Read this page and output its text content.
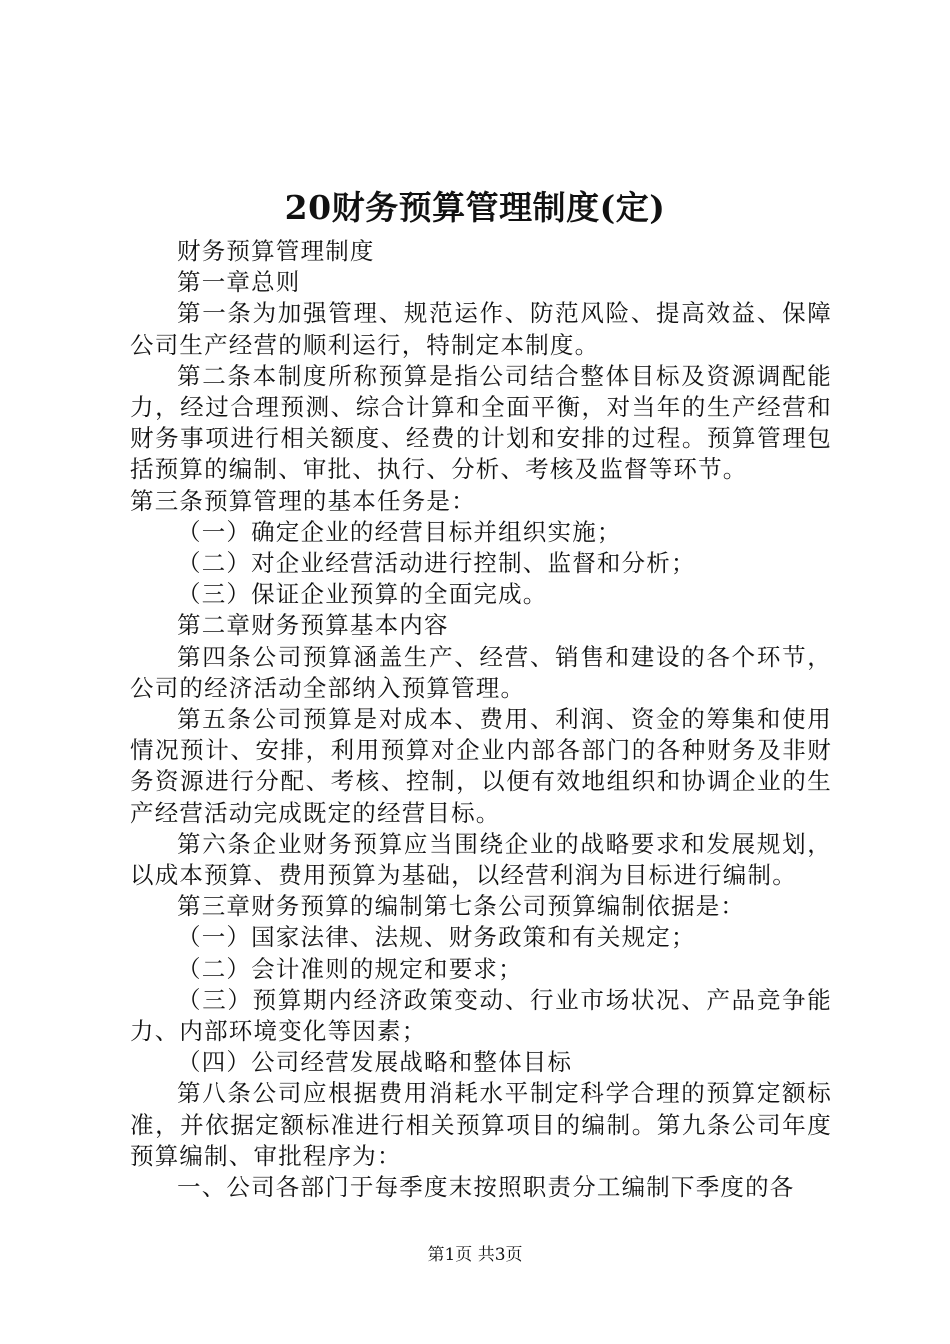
20财务预算管理制度(定)

财务预算管理制度

第一章总则

第一条为加强管理、规范运作、防范风险、提高效益、保障公司生产经营的顺利运行，特制定本制度。

第二条本制度所称预算是指公司结合整体目标及资源调配能力，经过合理预测、综合计算和全面平衡，对当年的生产经营和财务事项进行相关额度、经费的计划和安排的过程。预算管理包括预算的编制、审批、执行、分析、考核及监督等环节。

第三条预算管理的基本任务是：

（一）确定企业的经营目标并组织实施；

（二）对企业经营活动进行控制、监督和分析；

（三）保证企业预算的全面完成。

第二章财务预算基本内容

第四条公司预算涵盖生产、经营、销售和建设的各个环节，公司的经济活动全部纳入预算管理。

第五条公司预算是对成本、费用、利润、资金的筹集和使用情况预计、安排，利用预算对企业内部各部门的各种财务及非财务资源进行分配、考核、控制，以便有效地组织和协调企业的生产经营活动完成既定的经营目标。

第六条企业财务预算应当围绕企业的战略要求和发展规划，以成本预算、费用预算为基础，以经营利润为目标进行编制。

第三章财务预算的编制第七条公司预算编制依据是：

（一）国家法律、法规、财务政策和有关规定；

（二）会计准则的规定和要求；

（三）预算期内经济政策变动、行业市场状况、产品竞争能力、内部环境变化等因素；

（四）公司经营发展战略和整体目标

第八条公司应根据费用消耗水平制定科学合理的预算定额标准，并依据定额标准进行相关预算项目的编制。第九条公司年度预算编制、审批程序为：

一、公司各部门于每季度末按照职责分工编制下季度的各

第1页 共3页
